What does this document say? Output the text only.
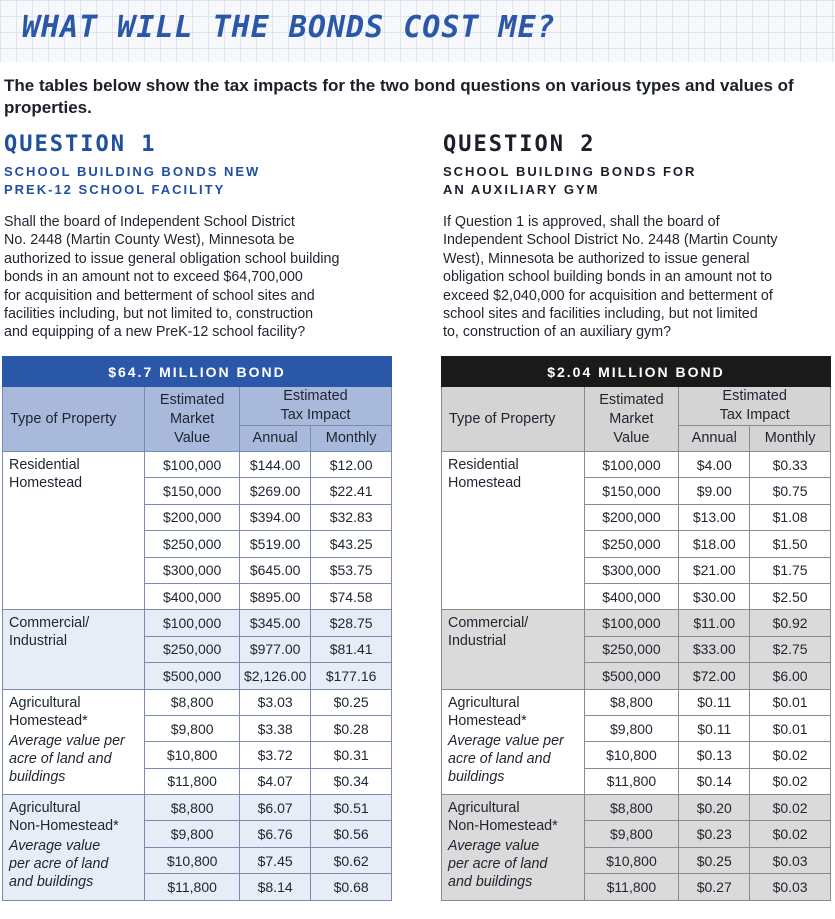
WHAT WILL THE BONDS COST ME?

The tables below show the tax impacts for the two bond questions on various types and values of properties.

QUESTION 1
SCHOOL BUILDING BONDS NEW
PREK-12 SCHOOL FACILITY
Shall the board of Independent School District
No. 2448 (Martin County West), Minnesota be
authorized to issue general obligation school building
bonds in an amount not to exceed $64,700,000
for acquisition and betterment of school sites and
facilities including, but not limited to, construction
and equipping of a new PreK-12 school facility?
QUESTION 2
SCHOOL BUILDING BONDS FOR
AN AUXILIARY GYM
If Question 1 is approved, shall the board of
Independent School District No. 2448 (Martin County
West), Minnesota be authorized to issue general
obligation school building bonds in an amount not to
exceed $2,040,000 for acquisition and betterment of
school sites and facilities including, but not limited
to, construction of an auxiliary gym?
$64.7 MILLION BOND			
Type of Property	Estimated
Market
Value	Estimated
Tax Impact	
		Annual	Monthly
Residential
Homestead	$100,000	$144.00	$12.00
	$150,000	$269.00	$22.41
	$200,000	$394.00	$32.83
	$250,000	$519.00	$43.25
	$300,000	$645.00	$53.75
	$400,000	$895.00	$74.58
Commercial/
Industrial	$100,000	$345.00	$28.75
	$250,000	$977.00	$81.41
	$500,000	$2,126.00	$177.16
Agricultural
Homestead*
Average value per
acre of land and
buildings	$8,800	$3.03	$0.25
	$9,800	$3.38	$0.28
	$10,800	$3.72	$0.31
	$11,800	$4.07	$0.34
Agricultural
Non-Homestead*
Average value
per acre of land
and buildings	$8,800	$6.07	$0.51
	$9,800	$6.76	$0.56
	$10,800	$7.45	$0.62
	$11,800	$8.14	$0.68
$2.04 MILLION BOND			
Type of Property	Estimated
Market
Value	Estimated
Tax Impact	
		Annual	Monthly
Residential
Homestead	$100,000	$4.00	$0.33
	$150,000	$9.00	$0.75
	$200,000	$13.00	$1.08
	$250,000	$18.00	$1.50
	$300,000	$21.00	$1.75
	$400,000	$30.00	$2.50
Commercial/
Industrial	$100,000	$11.00	$0.92
	$250,000	$33.00	$2.75
	$500,000	$72.00	$6.00
Agricultural
Homestead*
Average value per
acre of land and
buildings	$8,800	$0.11	$0.01
	$9,800	$0.11	$0.01
	$10,800	$0.13	$0.02
	$11,800	$0.14	$0.02
Agricultural
Non-Homestead*
Average value
per acre of land
and buildings	$8,800	$0.20	$0.02
	$9,800	$0.23	$0.02
	$10,800	$0.25	$0.03
	$11,800	$0.27	$0.03
